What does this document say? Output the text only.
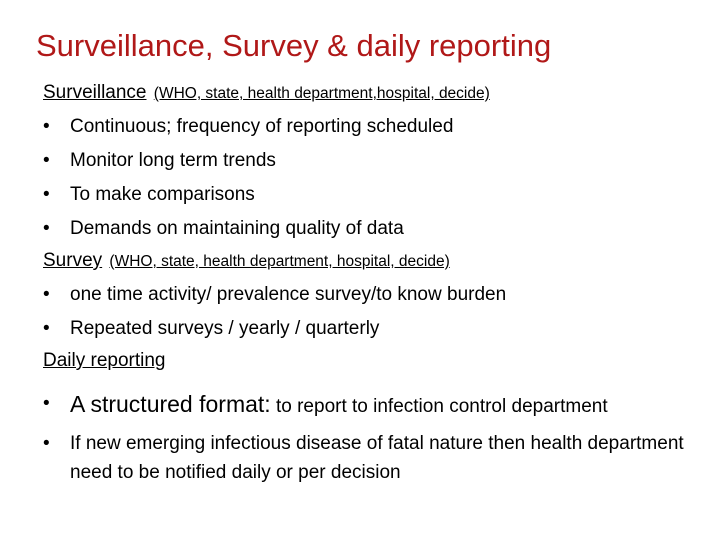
Surveillance, Survey & daily reporting
Surveillance (WHO, state, health department,hospital, decide)
•	Continuous; frequency of reporting scheduled
•	Monitor long term trends
•	To make comparisons
•	Demands on maintaining quality of data
Survey (WHO, state, health department, hospital, decide)
•	one time activity/ prevalence survey/to know burden
•	Repeated surveys / yearly / quarterly
Daily reporting
• A structured format: to report to infection control department
•	If new emerging infectious disease of fatal nature then health department need to be notified daily or per decision
